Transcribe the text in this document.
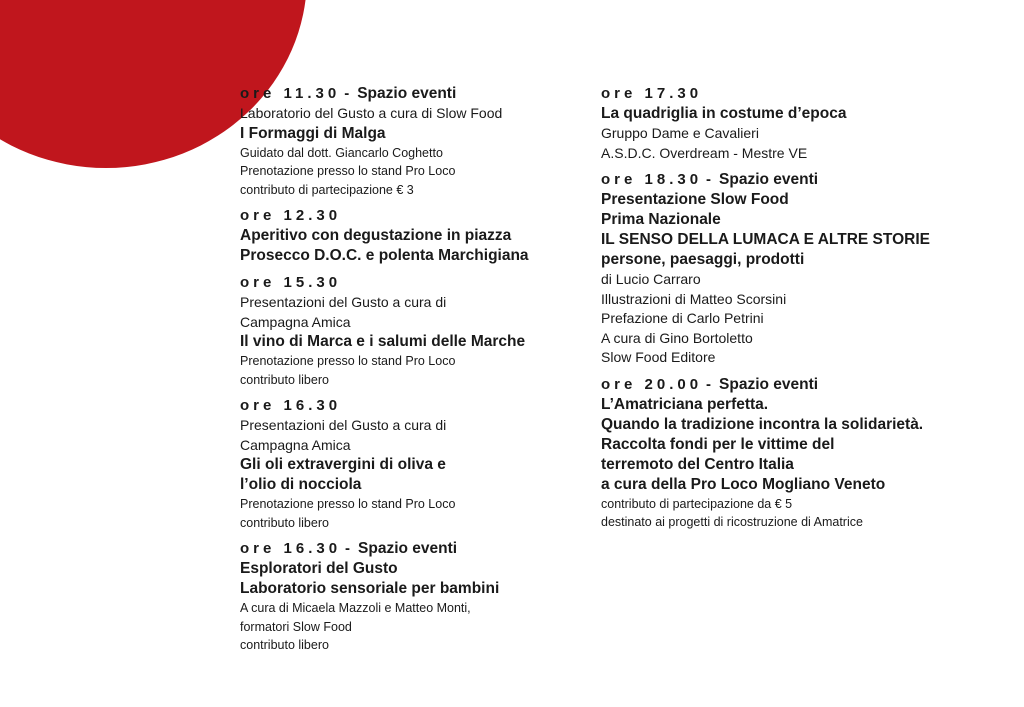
ore 11.30 - Spazio eventi
Laboratorio del Gusto a cura di Slow Food
I Formaggi di Malga
Guidato dal dott. Giancarlo Coghetto
Prenotazione presso lo stand Pro Loco
contributo di partecipazione € 3
ore 12.30
Aperitivo con degustazione in piazza
Prosecco D.O.C. e polenta Marchigiana
ore 15.30
Presentazioni del Gusto a cura di
Campagna Amica
Il vino di Marca e i salumi delle Marche
Prenotazione presso lo stand Pro Loco
contributo libero
ore 16.30
Presentazioni del Gusto a cura di
Campagna Amica
Gli oli extravergini di oliva e
l’olio di nocciola
Prenotazione presso lo stand Pro Loco
contributo libero
ore 16.30 - Spazio eventi
Esploratori del Gusto
Laboratorio sensoriale per bambini
A cura di Micaela Mazzoli e Matteo Monti,
formatori Slow Food
contributo libero
ore 17.30
La quadriglia in costume d’epoca
Gruppo Dame e Cavalieri
A.S.D.C. Overdream - Mestre VE
ore 18.30 - Spazio eventi
Presentazione Slow Food
Prima Nazionale
IL SENSO DELLA LUMACA E ALTRE STORIE
persone, paesaggi, prodotti
di Lucio Carraro
Illustrazioni di Matteo Scorsini
Prefazione di Carlo Petrini
A cura di Gino Bortoletto
Slow Food Editore
ore 20.00 - Spazio eventi
L’Amatriciana perfetta.
Quando la tradizione incontra la solidarietà.
Raccolta fondi per le vittime del
terremoto del Centro Italia
a cura della Pro Loco Mogliano Veneto
contributo di partecipazione da € 5
destinato ai progetti di ricostruzione di Amatrice
